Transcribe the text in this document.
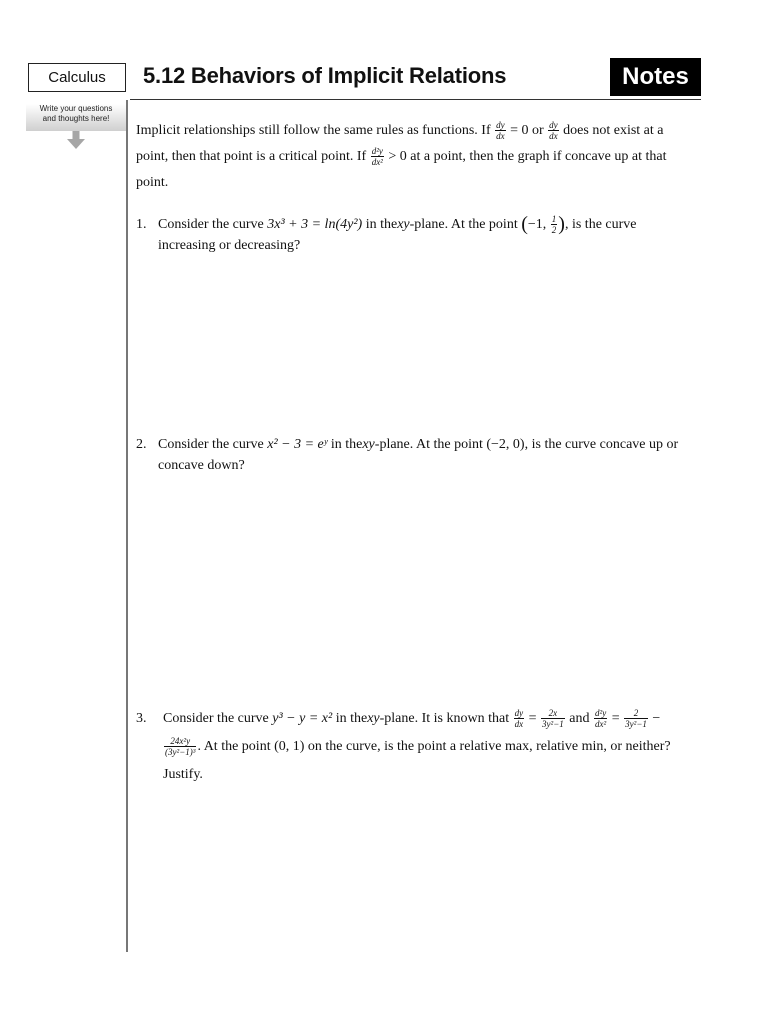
Calculus	5.12 Behaviors of Implicit Relations	Notes
Write your questions
and thoughts here!

Implicit relationships still follow the same rules as functions. If $\frac{dy}{dx} = 0$ or $\frac{dy}{dx}$ does not exist at a point, then that point is a critical point. If $\frac{\text{d²y}}{\text{dx²}} > 0$ at a point, then the graph if concave up at that point.

1. Consider the curve 3x³ + 3 = ln(4y²) in thexy-plane. At the point (−1, $\frac{1}{2}$ ), is the curve increasing or decreasing?
2. Consider the curve x² − 3 = eʸ in thexy-plane. At the point (−2, 0), is the curve concave up or concave down?
3. Consider the curve y³ − y = x² in thexy-plane. It is known that $\frac{dy}{dx} = \frac{2x}{\text{3y²−1}}$ and $\frac{\text{d²y}}{\text{dx²}} = \frac{2}{\text{3y²−1}}$ −
$\frac{\text{24x²y}}{\text{(3y²−1)³}}$ . At the point (0, 1) on the curve, is the point a relative max, relative min, or neither? Justify.
